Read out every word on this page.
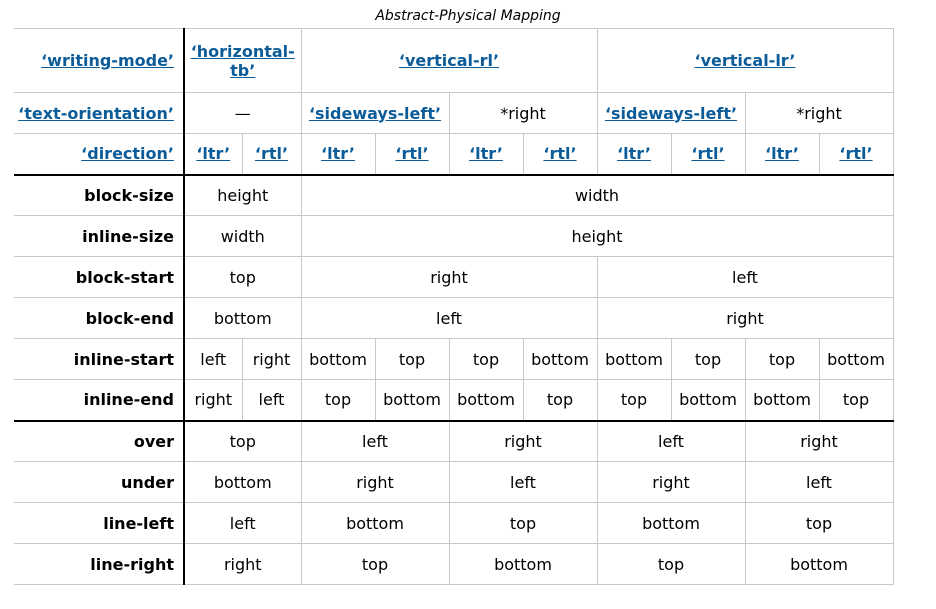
Abstract-Physical Mapping
‘writing-mode’	‘horizontal-tb’		‘vertical-rl’				‘vertical-lr’			
‘text-orientation’	—		‘sideways-left’		*right		‘sideways-left’		*right	
‘direction’	‘ltr’	‘rtl’	‘ltr’	‘rtl’	‘ltr’	‘rtl’	‘ltr’	‘rtl’	‘ltr’	‘rtl’
block-size	height		width							
inline-size	width		height							
block-start	top		right				left			
block-end	bottom		left				right			
inline-start	left	right	bottom	top	top	bottom	bottom	top	top	bottom
inline-end	right	left	top	bottom	bottom	top	top	bottom	bottom	top
over	top		left		right		left		right	
under	bottom		right		left		right		left	
line-left	left		bottom		top		bottom		top	
line-right	right		top		bottom		top		bottom	
